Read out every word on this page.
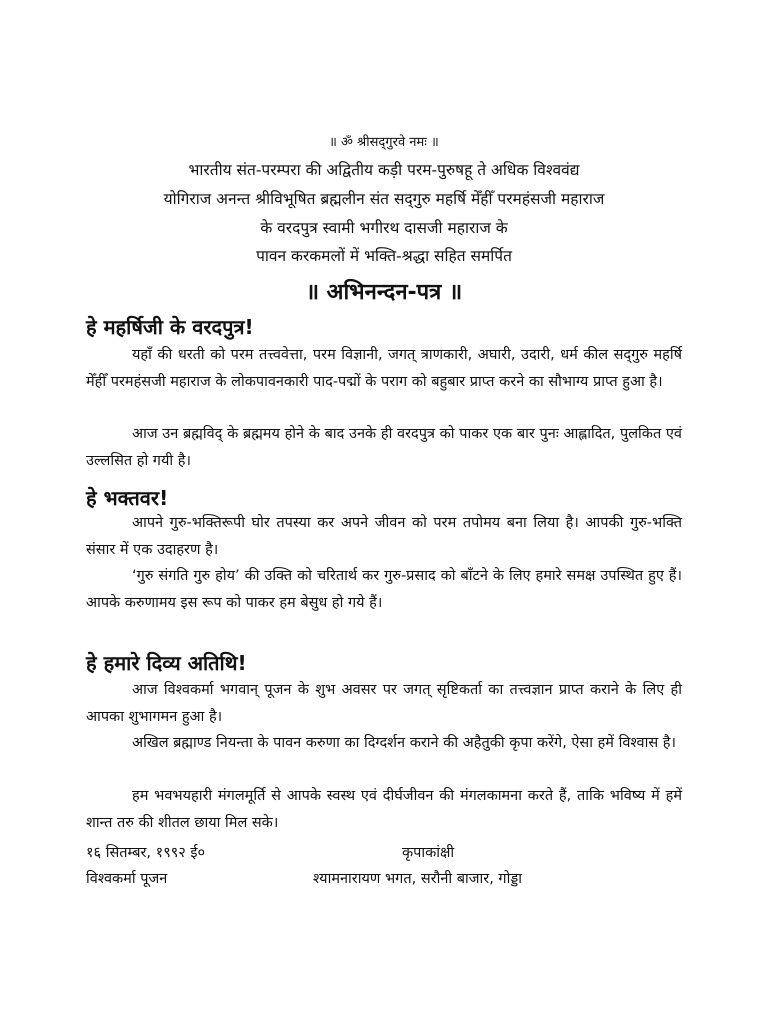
॥ ॐ श्रीसद्‌गुरवे नमः ॥
भारतीय संत-परम्परा की अद्वितीय कड़ी परम-पुरुषहू ते अधिक विश्ववंद्य
योगिराज अनन्त श्रीविभूषित ब्रह्मलीन संत सद्‌गुरु महर्षि मेँहीँ परमहंसजी महाराज
के वरदपुत्र स्वामी भगीरथ दासजी महाराज के
पावन करकमलों में भक्ति-श्रद्धा सहित समर्पित
॥ अभिनन्दन-पत्र ॥
हे महर्षिजी के वरदपुत्र!
यहाँ की धरती को परम तत्त्ववेत्ता, परम विज्ञानी, जगत् त्राणकारी, अघारी, उदारी, धर्म कील सद्‌गुरु महर्षि मेँहीँ परमहंसजी महाराज के लोकपावनकारी पाद-पद्मों के पराग को बहुबार प्राप्त करने का सौभाग्य प्राप्त हुआ है।
आज उन ब्रह्मविद् के ब्रह्ममय होने के बाद उनके ही वरदपुत्र को पाकर एक बार पुनः आह्लादित, पुलकित एवं उल्लसित हो गयी है।
हे भक्तवर!
आपने गुरु-भक्तिरूपी घोर तपस्या कर अपने जीवन को परम तपोमय बना लिया है। आपकी गुरु-भक्ति संसार में एक उदाहरण है।
‘गुरु संगति गुरु होय’ की उक्ति को चरितार्थ कर गुरु-प्रसाद को बाँटने के लिए हमारे समक्ष उपस्थित हुए हैं। आपके करुणामय इस रूप को पाकर हम बेसुध हो गये हैं।
हे हमारे दिव्य अतिथि!
आज विश्वकर्मा भगवान् पूजन के शुभ अवसर पर जगत् सृष्टिकर्ता का तत्त्वज्ञान प्राप्त कराने के लिए ही आपका शुभागमन हुआ है।
अखिल ब्रह्माण्ड नियन्ता के पावन करुणा का दिग्दर्शन कराने की अहैतुकी कृपा करेंगे, ऐसा हमें विश्वास है।
हम भवभयहारी मंगलमूर्ति से आपके स्वस्थ एवं दीर्घजीवन की मंगलकामना करते हैं, ताकि भविष्य में हमें शान्त तरु की शीतल छाया मिल सके।
१६ सितम्बर, १९९२ ई०	कृपाकांक्षी
विश्वकर्मा पूजन	श्यामनारायण भगत, सरौनी बाजार, गोड्डा
